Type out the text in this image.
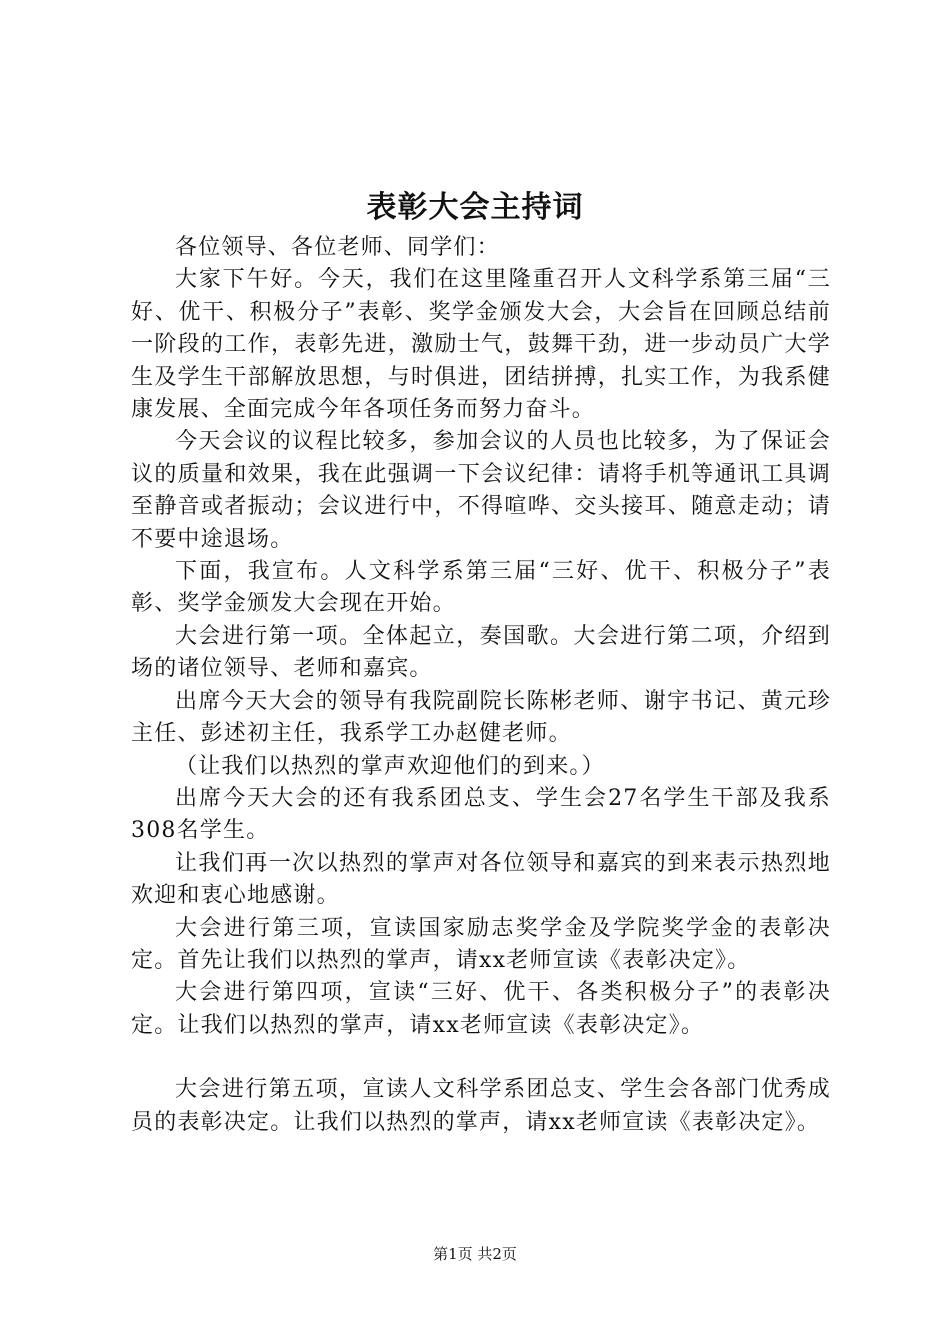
表彰大会主持词

各位领导、各位老师、同学们：

大家下午好。今天，我们在这里隆重召开人文科学系第三届“三好、优干、积极分子”表彰、奖学金颁发大会，大会旨在回顾总结前一阶段的工作，表彰先进，激励士气，鼓舞干劲，进一步动员广大学生及学生干部解放思想，与时俱进，团结拼搏，扎实工作，为我系健康发展、全面完成今年各项任务而努力奋斗。

今天会议的议程比较多，参加会议的人员也比较多，为了保证会议的质量和效果，我在此强调一下会议纪律：请将手机等通讯工具调至静音或者振动；会议进行中，不得喧哗、交头接耳、随意走动；请不要中途退场。

下面，我宣布。人文科学系第三届“三好、优干、积极分子”表彰、奖学金颁发大会现在开始。

大会进行第一项。全体起立，奏国歌。大会进行第二项，介绍到场的诸位领导、老师和嘉宾。

出席今天大会的领导有我院副院长陈彬老师、谢宇书记、黄元珍主任、彭述初主任，我系学工办赵健老师。

（让我们以热烈的掌声欢迎他们的到来。）

出席今天大会的还有我系团总支、学生会27名学生干部及我系308名学生。

让我们再一次以热烈的掌声对各位领导和嘉宾的到来表示热烈地欢迎和衷心地感谢。

大会进行第三项，宣读国家励志奖学金及学院奖学金的表彰决定。首先让我们以热烈的掌声，请xx老师宣读《表彰决定》。

大会进行第四项，宣读“三好、优干、各类积极分子”的表彰决定。让我们以热烈的掌声，请xx老师宣读《表彰决定》。

大会进行第五项，宣读人文科学系团总支、学生会各部门优秀成员的表彰决定。让我们以热烈的掌声，请xx老师宣读《表彰决定》。

第1页 共2页
